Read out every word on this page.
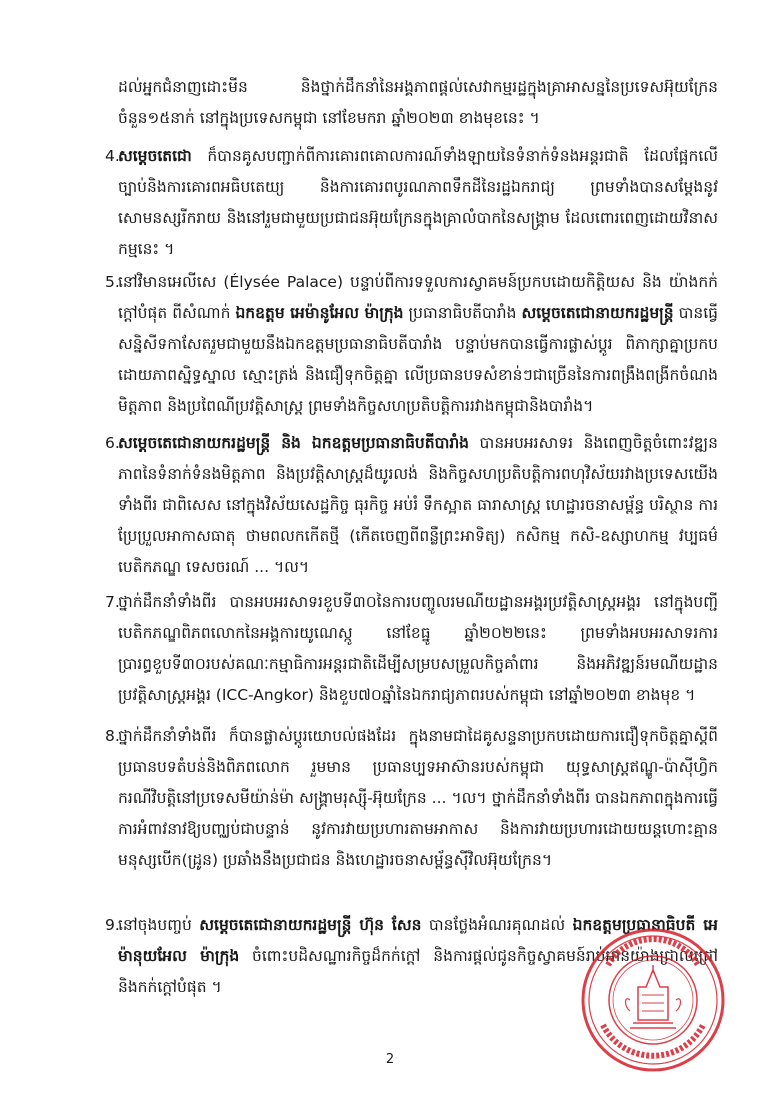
ដល់អ្នកជំនាញដោះមីន និងថ្នាក់ដឹកនាំនៃអង្គភាពផ្តល់សេវាកម្មរដ្ឋក្នុងគ្រាអាសន្ននៃប្រទេសអ៊ុយក្រែន ចំនួន១៥នាក់ នៅក្នុងប្រទេសកម្ពុជា នៅខែមករា ឆ្នាំ២០២៣ ខាងមុខនេះ ។

4.
សម្តេចតេជោ ក៏បានគូសបញ្ជាក់ពីការគោរពគោលការណ៍ទាំងឡាយនៃទំនាក់ទំនងអន្តរជាតិ ដែលផ្អែកលើច្បាប់និងការគោរពអធិបតេយ្យ និងការគោរពបូរណភាពទឹកដីនៃរដ្ឋឯករាជ្យ ព្រមទាំងបានសម្តែងនូវសោមនស្សរីករាយ និងនៅរួមជាមួយប្រជាជនអ៊ុយក្រែនក្នុងគ្រាលំបាកនៃសង្គ្រាម ដែលពោរពេញដោយវិនាសកម្មនេះ ។
5.
នៅវិមានអេលីសេ (Élysée Palace) បន្ទាប់ពីការទទួលការស្វាគមន៍ប្រកបដោយកិត្តិយស និង យ៉ាងកក់ក្តៅបំផុត ពីសំណាក់ ឯកឧត្តម អេម៉ានូអែល ម៉ាក្រុង ប្រធានាធិបតីបារាំង សម្តេចតេជោនាយករដ្ឋមន្ត្រី បានធ្វើសន្និសីទកាសែតរួមជាមួយនឹងឯកឧត្តមប្រធានាធិបតីបារាំង បន្ទាប់មកបានធ្វើការផ្លាស់ប្តូរ ពិភាក្សាគ្នាប្រកបដោយភាពស្និទ្ធស្នាល ស្មោះត្រង់ និងជឿទុកចិត្តគ្នា លើប្រធានបទសំខាន់ៗជាច្រើននៃការពង្រឹងពង្រីកចំណងមិត្តភាព និងប្រពៃណីប្រវត្តិសាស្ត្រ ព្រមទាំងកិច្ចសហប្រតិបត្តិការរវាងកម្ពុជានិងបារាំង។
6.
សម្តេចតេជោនាយករដ្ឋមន្ត្រី និង ឯកឧត្តមប្រធានាធិបតីបារាំង បានអបអរសាទរ និងពេញចិត្តចំពោះវឌ្ឍនភាពនៃទំនាក់ទំនងមិត្តភាព និងប្រវត្តិសាស្ត្រដ៏យូរលង់ និងកិច្ចសហប្រតិបត្តិការពហុវិស័យរវាងប្រទេសយើងទាំងពីរ ជាពិសេស នៅក្នុងវិស័យសេដ្ឋកិច្ច ធុរកិច្ច អប់រំ ទឹកស្អាត ធារាសាស្ត្រ ហេដ្ឋារចនាសម្ព័ន្ធ បរិស្ថាន ការប្រែប្រួលអាកាសធាតុ ថាមពលកកើតថ្មី (កើតចេញពីពន្លឺព្រះអាទិត្យ) កសិកម្ម កសិ-ឧស្សាហកម្ម វប្បធម៌ បេតិកភណ្ឌ ទេសចរណ៍ ... ។ល។
7.
ថ្នាក់ដឹកនាំទាំងពីរ បានអបអរសាទរខួបទី៣០នៃការបញ្ចូលរមណីយដ្ឋានអង្គរប្រវត្តិសាស្ត្រអង្គរ នៅក្នុងបញ្ជីបេតិកភណ្ឌពិភពលោកនៃអង្គការយូណេស្កូ នៅខែធ្នូ ឆ្នាំ២០២២នេះ ព្រមទាំងអបអរសាទរការប្រារព្ធខួបទី៣០របស់គណៈកម្មាធិការអន្តរជាតិដើម្បីសម្របសម្រួលកិច្ចគាំពារ និងអភិវឌ្ឍន៍រមណីយដ្ឋានប្រវត្តិសាស្ត្រអង្គរ (ICC-Angkor) និងខួប៧០ឆ្នាំនៃឯករាជ្យភាពរបស់កម្ពុជា នៅឆ្នាំ២០២៣ ខាងមុខ ។
8.
ថ្នាក់ដឹកនាំទាំងពីរ ក៏បានផ្លាស់ប្តូរយោបល់ផងដែរ ក្នុងនាមជាដៃគូសន្ទនាប្រកបដោយការជឿទុកចិត្តគ្នាស្តីពីប្រធានបទតំបន់និងពិភពលោក រួមមាន ប្រធានប្បទអាស៊ានរបស់កម្ពុជា យុទ្ធសាស្ត្រឥណ្ឌូ-ប៉ាស៊ីហ្វិក ករណីវិបត្តិនៅប្រទេសមីយ៉ាន់ម៉ា សង្គ្រាមរុស្ស៊ី-អ៊ុយក្រែន ... ។ល។ ថ្នាក់ដឹកនាំទាំងពីរ បានឯកភាពក្នុងការធ្វើការអំពាវនាវឱ្យបញ្ឈប់ជាបន្ទាន់ នូវការវាយប្រហារតាមអាកាស និងការវាយប្រហារដោយយន្តហោះគ្មានមនុស្សបើក(ដ្រូន) ប្រឆាំងនឹងប្រជាជន និងហេដ្ឋារចនាសម្ព័ន្ធស៊ីវិលអ៊ុយក្រែន។
9.
នៅចុងបញ្ចប់ សម្តេចតេជោនាយករដ្ឋមន្ត្រី ហ៊ុន សែន បានថ្លែងអំណរគុណដល់ ឯកឧត្តមប្រធានាធិបតី អេម៉ានុយអែល ម៉ាក្រុង ចំពោះបដិសណ្ឋារកិច្ចដ៏កក់ក្តៅ និងការផ្តល់ជូនកិច្ចស្វាគមន៍រាប់អានយ៉ាងជ្រាលជ្រៅ និងកក់ក្តៅបំផុត ។
2
